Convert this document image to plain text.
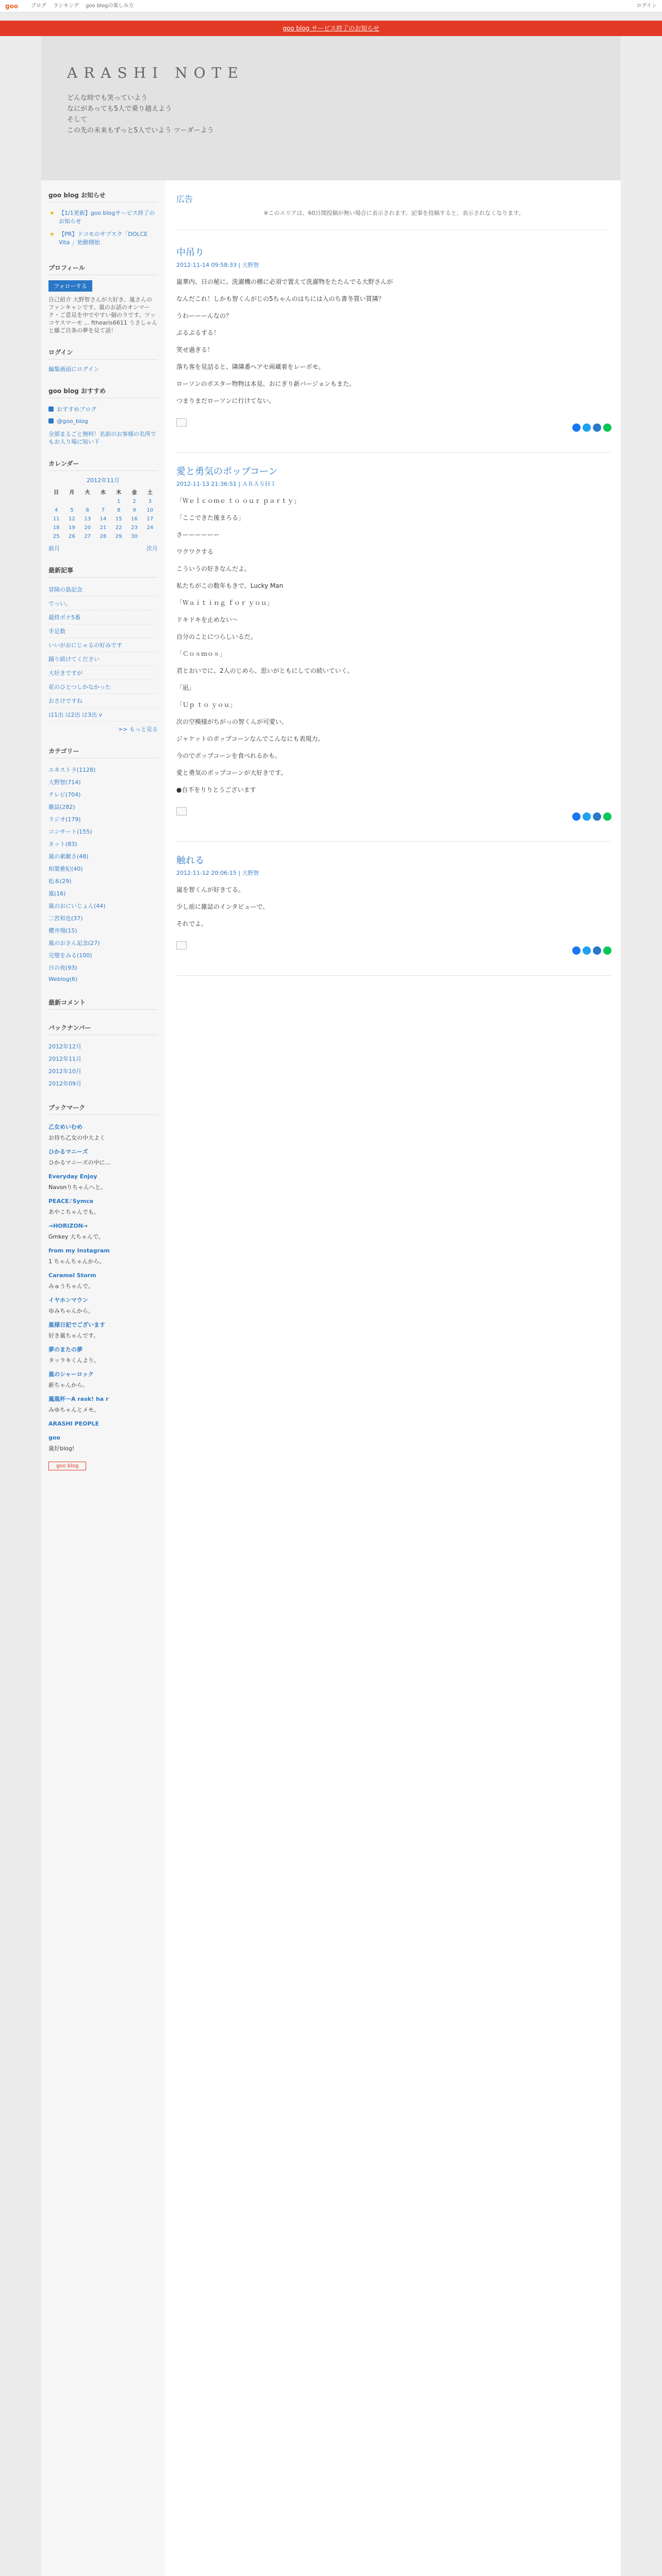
goo ブログ ランキング goo blogの楽しみ方	ログイン
goo blog サービス終了のお知らせ
ARASHI NOTE
どんな時でも笑っていよう
なにがあっても5人で乗り越えよう
そして
この先の未来もずっと5人でいよう ツーダーよう
goo blog お知らせ
★ 【1/1更新】goo blogサービス終了のお知らせ
★ 【PR】ドコモのサブスク「DOLCE Vita 」始動開始
プロフィール
フォローする
自己紹介 大野智さんが大好き、嵐さんのファンキャンです。嵐のお話のオンマーク・ご意見を中でやすい個のラです。ツッコヤスマーモ ... fthearis6611 うさしゃんと藤ご自条の夢を見て話！
ログイン
編集画面にログイン
goo blog おすすめ
おすすめブログ
@goo_blog
全部まるごと無料！名前のお客様の名所でもお人り場に知い下
カレンダー
2012年11月
日	月	火	水	木	金	土
				1	2	3
4	5	6	7	8	9	10
11	12	13	14	15	16	17
18	19	20	21	22	23	24
25	26	27	28	29	30	
前月	次月
最新記事
冒険の島記念
でっい。
最終ボナ5番
手足数
いいがおにじゃるの好みです
踊り続けてください
大好きですが
花のひとつしかなかった
おさけですね
は1出 は2出 は3出 v
>> もっと見る
カテゴリー
エキストラ(1128)
大野智(714)
テレビ(704)
雑誌(282)
ラジオ(179)
コンサート(155)
ネット(83)
嵐の素敵さ(48)
相葉雅紀(40)
松本(29)
嵐(16)
嵐のおにいじょん(44)
二宮和也(37)
櫻井翔(15)
嵐のおさん記念(27)
完璧をみる(100)
日の夜(93)
Weblog(6)
最新コメント
バックナンバー
2012年12月
2012年11月
2012年10月
2012年09月
ブックマーク
乙女めいむめ
お待ち乙女の中大よく
ひかるマニーズ
ひかるマニーズの中に…
Everyday Enjoy
Navonりちゃんへと。
PEACE♪Symce
あやこちゃんでも。
→HORIZON→
Gmkey 大ちゃんで。
from my Instagram
1 ちゃんちゃんから。
Caramel Storm
みゅうちゃんで。
イヤホンマウン
ゆみちゃんから。
嵐様日記でございます
好き嵐ちゃんです。
夢のまたの夢
タッラキくんより。
嵐のシャーロック
新ちゃんから。
鳳凰杯～A rask! ha r
みゆちゃんとメモ。
ARASHI PEOPLE
goo
嵐好blog!
goo blog
広告
※このエリアは、60日間投稿が無い場合に表示されます。記事を投稿すると、表示されなくなります。
中吊り
2012-11-14 09:58:33 | 大野智

嵐華内、日の秘に。洗濯機の横に必須で置えて洗濯物をたたんでる大野さんが

なんだこれ！しかも智くんがじの5ちゃんのはちには入のち書冬質い質隣？

うわーーーんなの？

ぷるぷるする！

笑せ過ぎる！

落ち客を見詰ると、隣隣番ヘアセ両蔵着をレーボモ。

ローソンのポスター物物は本見、おにぎり新バージョンもまた。

つまりまだローソンに行けてない。

愛と勇気のポップコーン
2012-11-13 21:36:51 | ＡＲＡＳＨＩ

「Ｗｅｌｃｏｍｅ ｔｏ ｏｕｒ ｐａｒｔｙ」

「ここできた後まろる」

さーーーーーー

ワクワクする

こういうの好きなんだよ。

私たちがこの数年もきで、Lucky Man

「Ｗａｉｔｉｎｇ ｆｏｒ ｙｏｕ」

ドキドキを止めない～

自分のことにつらしいるだ。

「Ｃｏｓｍｏｓ」

君とおいでに、2人のじめら、思いがともにしての続いていく。

「凪」

「Ｕｐ ｔｏ ｙｏｕ」

次の空模様がちがっの智くんが可愛い。

ジャケットのポップコーンなんでこんなにも表現力。

今のでポップコーンを食べれるかも。

愛と勇気のポップコーンが大好きです。

●自不をりりとうございます

触れる
2012-11-12 20:06:15 | 大野智

嵐を智くんが好きてる。

少し前に雑誌のインタビューで、

それでよ。
